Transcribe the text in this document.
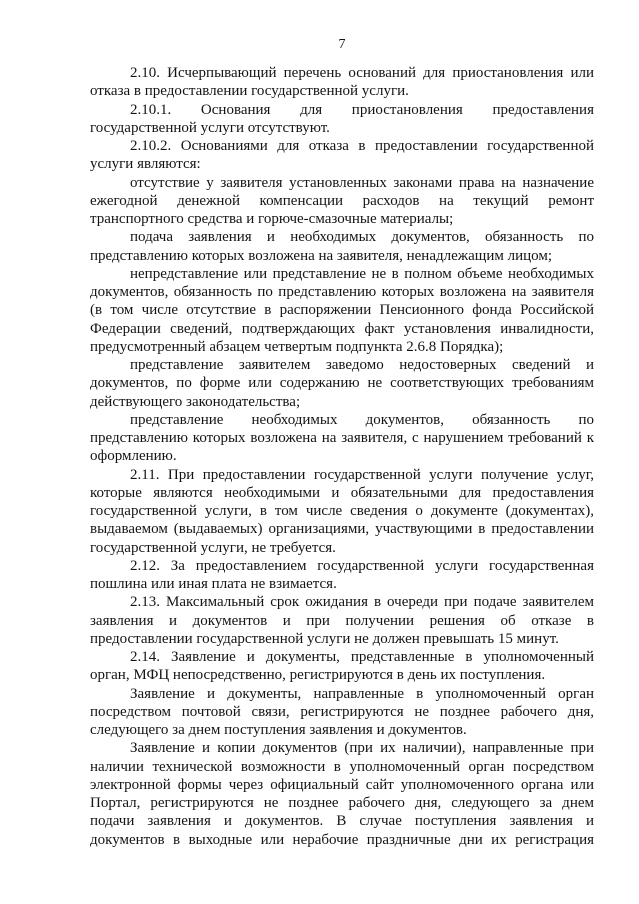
7
2.10. Исчерпывающий перечень оснований для приостановления или
отказа в предоставлении государственной услуги.
2.10.1. Основания для приостановления предоставления
государственной услуги отсутствуют.
2.10.2. Основаниями для отказа в предоставлении государственной
услуги являются:
отсутствие у заявителя установленных законами права на назначение
ежегодной денежной компенсации расходов на текущий ремонт
транспортного средства и горюче-смазочные материалы;
подача заявления и необходимых документов, обязанность по
представлению которых возложена на заявителя, ненадлежащим лицом;
непредставление или представление не в полном объеме необходимых
документов, обязанность по представлению которых возложена на заявителя
(в том числе отсутствие в распоряжении Пенсионного фонда Российской
Федерации сведений, подтверждающих факт установления инвалидности,
предусмотренный абзацем четвертым подпункта 2.6.8 Порядка);
представление заявителем заведомо недостоверных сведений и
документов, по форме или содержанию не соответствующих требованиям
действующего законодательства;
представление необходимых документов, обязанность по
представлению которых возложена на заявителя, с нарушением требований к
оформлению.
2.11. При предоставлении государственной услуги получение услуг,
которые являются необходимыми и обязательными для предоставления
государственной услуги, в том числе сведения о документе (документах),
выдаваемом (выдаваемых) организациями, участвующими в предоставлении
государственной услуги, не требуется.
2.12. За предоставлением государственной услуги государственная
пошлина или иная плата не взимается.
2.13. Максимальный срок ожидания в очереди при подаче заявителем
заявления и документов и при получении решения об отказе в
предоставлении государственной услуги не должен превышать 15 минут.
2.14. Заявление и документы, представленные в уполномоченный
орган, МФЦ непосредственно, регистрируются в день их поступления.
Заявление и документы, направленные в уполномоченный орган
посредством почтовой связи, регистрируются не позднее рабочего дня,
следующего за днем поступления заявления и документов.
Заявление и копии документов (при их наличии), направленные при
наличии технической возможности в уполномоченный орган посредством
электронной формы через официальный сайт уполномоченного органа или
Портал, регистрируются не позднее рабочего дня, следующего за днем
подачи заявления и документов. В случае поступления заявления и
документов в выходные или нерабочие праздничные дни их регистрация
